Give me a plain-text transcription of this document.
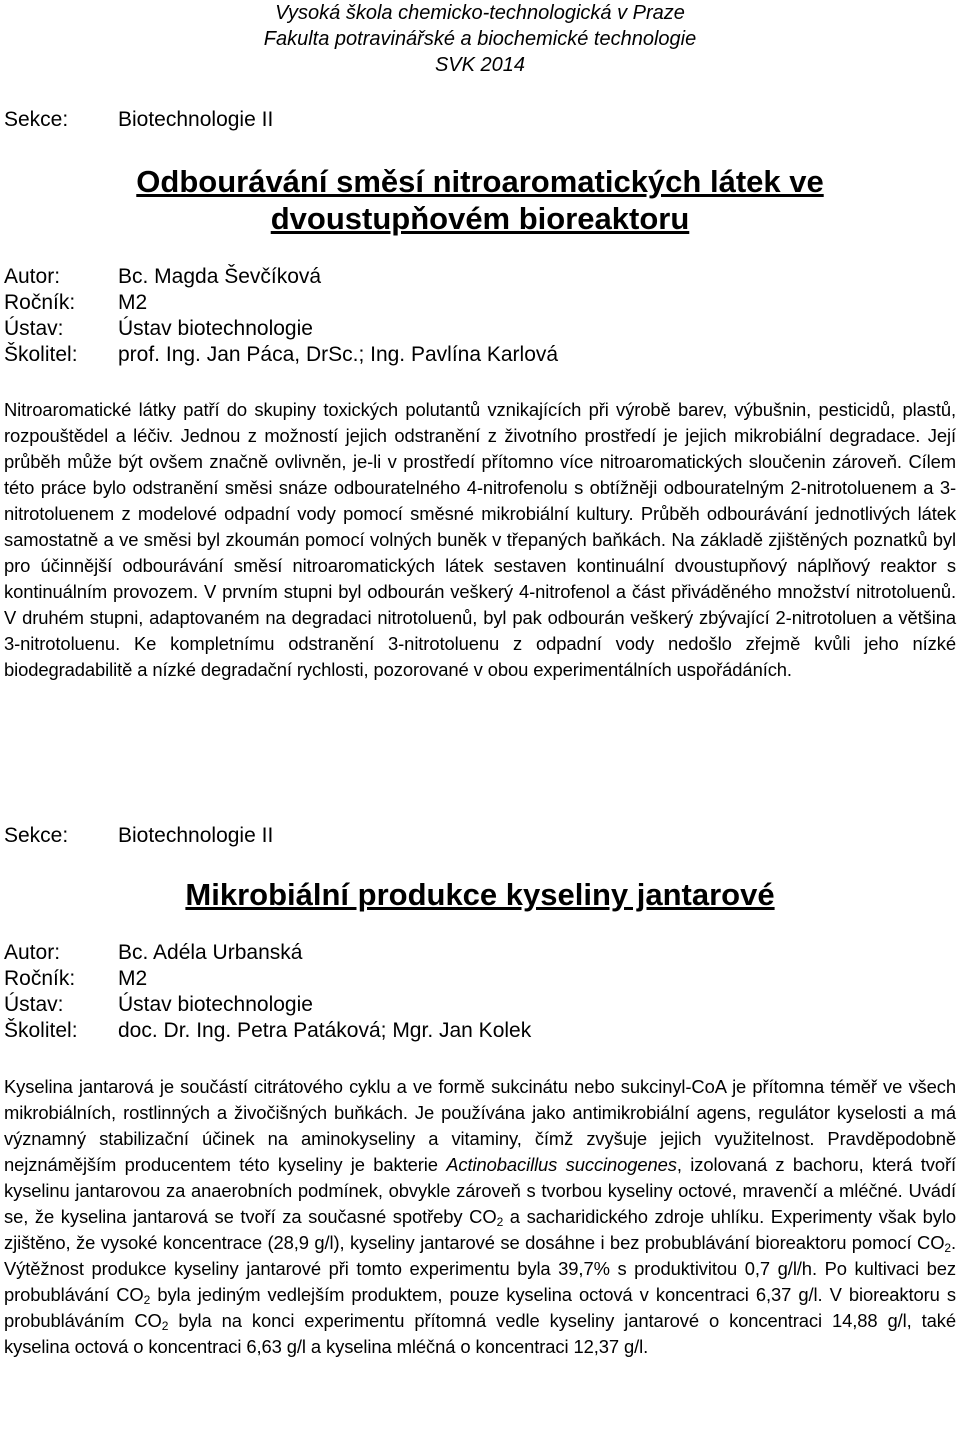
Vysoká škola chemicko-technologická v Praze
Fakulta potravinářské a biochemické technologie
SVK 2014
Sekce:	Biotechnologie II
Odbourávání směsí nitroaromatických látek ve
dvoustupňovém bioreaktoru
Autor:	Bc. Magda Ševčíková
Ročník:	M2
Ústav:	Ústav biotechnologie
Školitel:	prof. Ing. Jan Páca, DrSc.; Ing. Pavlína Karlová

Nitroaromatické látky patří do skupiny toxických polutantů vznikajících při výrobě barev, výbušnin, pesticidů, plastů, rozpouštědel a léčiv. Jednou z možností jejich odstranění z životního prostředí je jejich mikrobiální degradace. Její průběh může být ovšem značně ovlivněn, je-li v prostředí přítomno více nitroaromatických sloučenin zároveň. Cílem této práce bylo odstranění směsi snáze odbouratelného 4-nitrofenolu s obtížněji odbouratelným 2-nitrotoluenem a 3-nitrotoluenem z modelové odpadní vody pomocí směsné mikrobiální kultury. Průběh odbourávání jednotlivých látek samostatně a ve směsi byl zkoumán pomocí volných buněk v třepaných baňkách. Na základě zjištěných poznatků byl pro účinnější odbourávání směsí nitroaromatických látek sestaven kontinuální dvoustupňový náplňový reaktor s kontinuálním provozem. V prvním stupni byl odbourán veškerý 4-nitrofenol a část přiváděného množství nitrotoluenů. V druhém stupni, adaptovaném na degradaci nitrotoluenů, byl pak odbourán veškerý zbývající 2-nitrotoluen a většina 3-nitrotoluenu. Ke kompletnímu odstranění 3-nitrotoluenu z odpadní vody nedošlo zřejmě kvůli jeho nízké biodegradabilitě a nízké degradační rychlosti, pozorované v obou experimentálních uspořádáních.

Sekce:	Biotechnologie II
Mikrobiální produkce kyseliny jantarové
Autor:	Bc. Adéla Urbanská
Ročník:	M2
Ústav:	Ústav biotechnologie
Školitel:	doc. Dr. Ing. Petra Patáková; Mgr. Jan Kolek

Kyselina jantarová je součástí citrátového cyklu a ve formě sukcinátu nebo sukcinyl-CoA je přítomna téměř ve všech mikrobiálních, rostlinných a živočišných buňkách. Je používána jako antimikrobiální agens, regulátor kyselosti a má významný stabilizační účinek na aminokyseliny a vitaminy, čímž zvyšuje jejich využitelnost. Pravděpodobně nejznámějším producentem této kyseliny je bakterie Actinobacillus succinogenes, izolovaná z bachoru, která tvoří kyselinu jantarovou za anaerobních podmínek, obvykle zároveň s tvorbou kyseliny octové, mravenčí a mléčné. Uvádí se, že kyselina jantarová se tvoří za současné spotřeby $CO_2$ a sacharidického zdroje uhlíku. Experimenty však bylo zjištěno, že vysoké koncentrace (28,9 g/l), kyseliny jantarové se dosáhne i bez probublávání bioreaktoru pomocí $CO_2$. Výtěžnost produkce kyseliny jantarové při tomto experimentu byla 39,7% s produktivitou 0,7 g/l/h. Po kultivaci bez probublávání $CO_2$ byla jediným vedlejším produktem, pouze kyselina octová v koncentraci 6,37 g/l. V bioreaktoru s probubláváním $CO_2$ byla na konci experimentu přítomná vedle kyseliny jantarové o koncentraci 14,88 g/l, také kyselina octová o koncentraci 6,63 g/l a kyselina mléčná o koncentraci 12,37 g/l.
